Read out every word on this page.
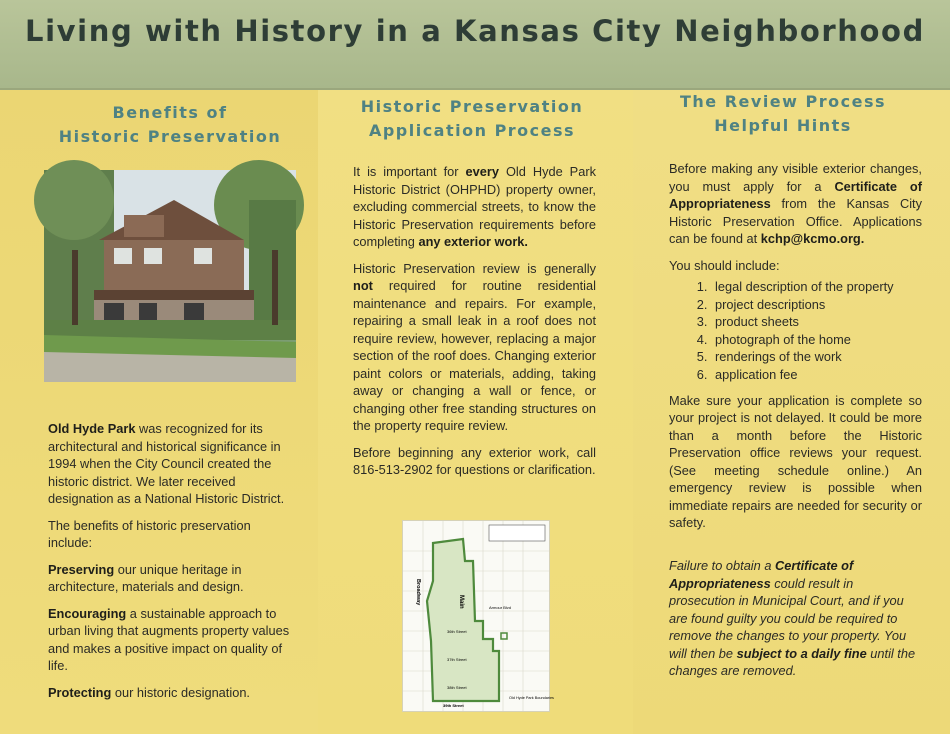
Living with History in a Kansas City Neighborhood
Benefits of
Historic Preservation

Old Hyde Park was recognized for its architectural and historical significance in 1994 when the City Council created the historic district. We later received designation as a National Historic District.

The benefits of historic preservation include:

Preserving our unique heritage in architecture, materials and design.

Encouraging a sustainable approach to urban living that augments property values and makes a positive impact on quality of life.

Protecting our historic designation.

Historic Preservation
Application Process

It is important for every Old Hyde Park Historic District (OHPHD) property owner, excluding commercial streets, to know the Historic Preservation requirements before completing any exterior work.

Historic Preservation review is generally not required for routine residential maintenance and repairs. For example, repairing a small leak in a roof does not require review, however, replacing a major section of the roof does. Changing exterior paint colors or materials, adding, taking away or changing a wall or fence, or changing other free standing structures on the property require review.

Before beginning any exterior work, call 816-513-2902 for questions or clarification.

Broadway	Main	Armour Blvd
36th Street
37th Street
38th Street
39th Street
Old Hyde Park Boundaries
The Review Process
Helpful Hints

Before making any visible exterior changes, you must apply for a Certificate of Appropriateness from the Kansas City Historic Preservation Office. Applications can be found at kchp@kcmo.org.

You should include:
1. legal description of the property
2. project descriptions
3. product sheets
4. photograph of the home
5. renderings of the work
6. application fee

Make sure your application is complete so your project is not delayed. It could be more than a month before the Historic Preservation office reviews your request. (See meeting schedule online.) An emergency review is possible when immediate repairs are needed for security or safety.

Failure to obtain a Certificate of Appropriateness could result in prosecution in Municipal Court, and if you are found guilty you could be required to remove the changes to your property. You will then be subject to a daily fine until the changes are removed.
